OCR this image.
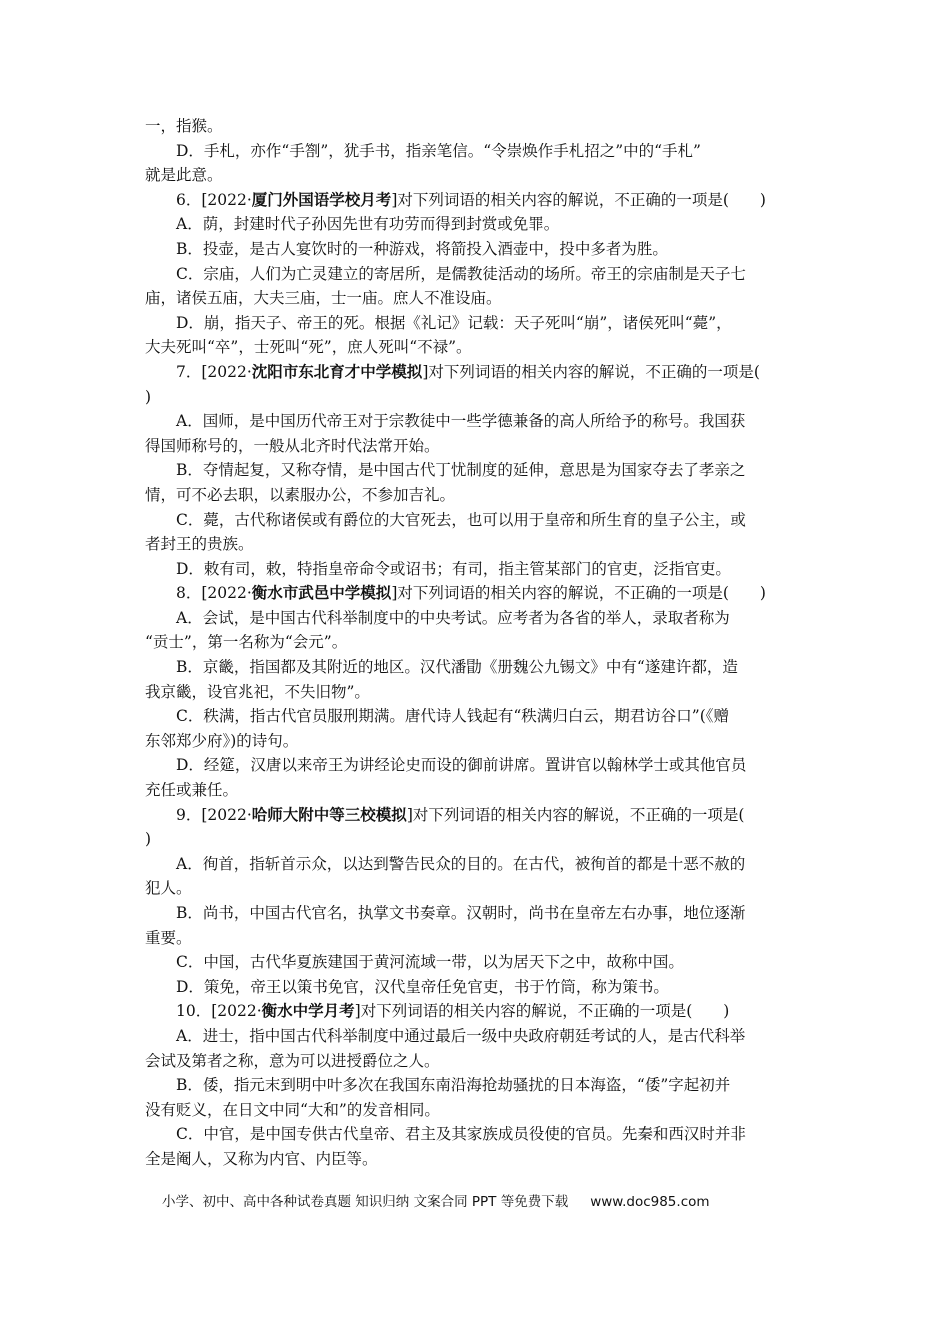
一，指猴。
D．手札，亦作“手劄”，犹手书，指亲笔信。“令崇焕作手札招之”中的“手札”
就是此意。
6．[2022·厦门外国语学校月考]对下列词语的相关内容的解说，不正确的一项是(　　)
A．荫，封建时代子孙因先世有功劳而得到封赏或免罪。
B．投壶，是古人宴饮时的一种游戏，将箭投入酒壶中，投中多者为胜。
C．宗庙，人们为亡灵建立的寄居所，是儒教徒活动的场所。帝王的宗庙制是天子七
庙，诸侯五庙，大夫三庙，士一庙。庶人不准设庙。
D．崩，指天子、帝王的死。根据《礼记》记载：天子死叫“崩”，诸侯死叫“薨”，
大夫死叫“卒”，士死叫“死”，庶人死叫“不禄”。
7．[2022·沈阳市东北育才中学模拟]对下列词语的相关内容的解说，不正确的一项是(
)
A．国师，是中国历代帝王对于宗教徒中一些学德兼备的高人所给予的称号。我国获
得国师称号的，一般从北齐时代法常开始。
B．夺情起复，又称夺情，是中国古代丁忧制度的延伸，意思是为国家夺去了孝亲之
情，可不必去职，以素服办公，不参加吉礼。
C．薨，古代称诸侯或有爵位的大官死去，也可以用于皇帝和所生育的皇子公主，或
者封王的贵族。
D．敕有司，敕，特指皇帝命令或诏书；有司，指主管某部门的官吏，泛指官吏。
8．[2022·衡水市武邑中学模拟]对下列词语的相关内容的解说，不正确的一项是(　　)
A．会试，是中国古代科举制度中的中央考试。应考者为各省的举人，录取者称为
“贡士”，第一名称为“会元”。
B．京畿，指国都及其附近的地区。汉代潘勖《册魏公九锡文》中有“遂建许都，造
我京畿，设官兆祀，不失旧物”。
C．秩满，指古代官员服刑期满。唐代诗人钱起有“秩满归白云，期君访谷口”(《赠
东邻郑少府》)的诗句。
D．经筵，汉唐以来帝王为讲经论史而设的御前讲席。置讲官以翰林学士或其他官员
充任或兼任。
9．[2022·哈师大附中等三校模拟]对下列词语的相关内容的解说，不正确的一项是(
)
A．徇首，指斩首示众，以达到警告民众的目的。在古代，被徇首的都是十恶不赦的
犯人。
B．尚书，中国古代官名，执掌文书奏章。汉朝时，尚书在皇帝左右办事，地位逐渐
重要。
C．中国，古代华夏族建国于黄河流域一带，以为居天下之中，故称中国。
D．策免，帝王以策书免官，汉代皇帝任免官吏，书于竹筒，称为策书。
10．[2022·衡水中学月考]对下列词语的相关内容的解说，不正确的一项是(　　)
A．进士，指中国古代科举制度中通过最后一级中央政府朝廷考试的人，是古代科举
会试及第者之称，意为可以进授爵位之人。
B．倭，指元末到明中叶多次在我国东南沿海抢劫骚扰的日本海盗，“倭”字起初并
没有贬义，在日文中同“大和”的发音相同。
C．中官，是中国专供古代皇帝、君主及其家族成员役使的官员。先秦和西汉时并非
全是阉人，又称为内官、内臣等。
小学、初中、高中各种试卷真题 知识归纳 文案合同 PPT 等免费下载 www.doc985.com
